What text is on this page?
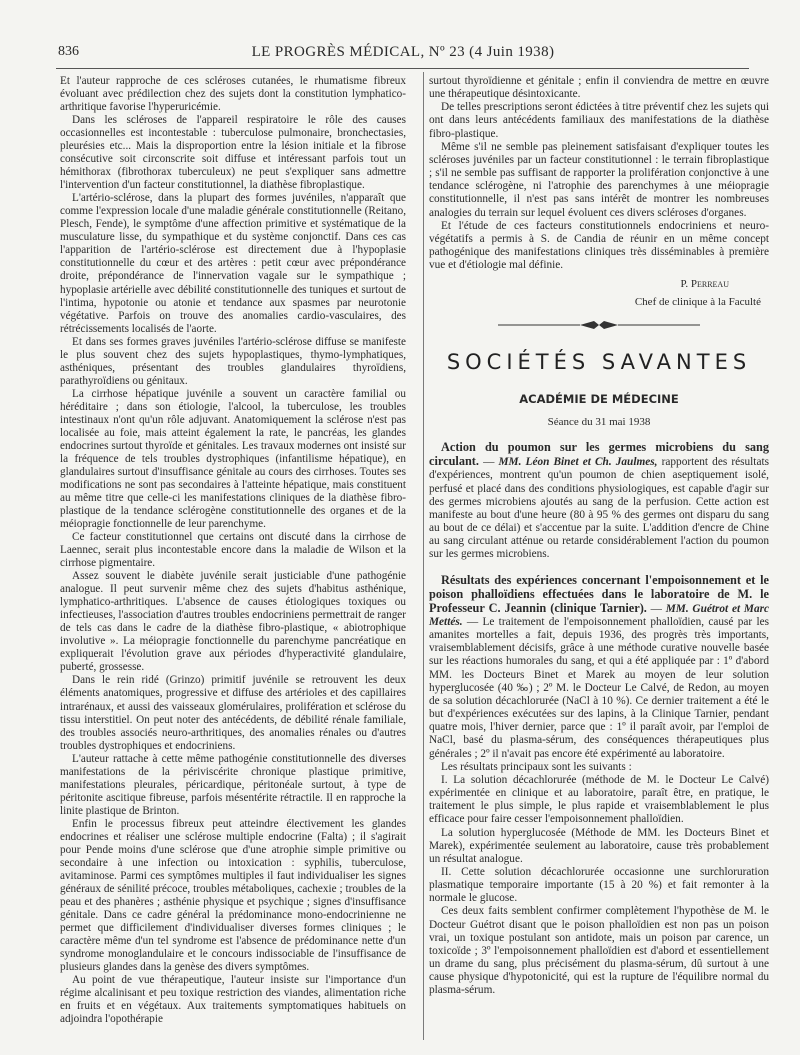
836	LE PROGRÈS MÉDICAL, Nº 23 (4 Juin 1938)

Et l'auteur rapproche de ces scléroses cutanées, le rhumatisme fibreux évoluant avec prédilection chez des sujets dont la constitution lymphatico-arthritique favorise l'hyperuricémie.

Dans les scléroses de l'appareil respiratoire le rôle des causes occasionnelles est incontestable : tuberculose pulmonaire, bronchectasies, pleurésies etc... Mais la disproportion entre la lésion initiale et la fibrose consécutive soit circonscrite soit diffuse et intéressant parfois tout un hémithorax (fibrothorax tuberculeux) ne peut s'expliquer sans admettre l'intervention d'un facteur constitutionnel, la diathèse fibroplastique.

L'artério-sclérose, dans la plupart des formes juvéniles, n'apparaît que comme l'expression locale d'une maladie générale constitutionnelle (Reitano, Plesch, Fende), le symptôme d'une affection primitive et systématique de la musculature lisse, du sympathique et du système conjonctif. Dans ces cas l'apparition de l'artério-sclérose est directement due à l'hypoplasie constitutionnelle du cœur et des artères : petit cœur avec prépondérance droite, prépondérance de l'innervation vagale sur le sympathique ; hypoplasie artérielle avec débilité constitutionnelle des tuniques et surtout de l'intima, hypotonie ou atonie et tendance aux spasmes par neurotonie végétative. Parfois on trouve des anomalies cardio-vasculaires, des rétrécissements localisés de l'aorte.

Et dans ses formes graves juvéniles l'artério-sclérose diffuse se manifeste le plus souvent chez des sujets hypoplastiques, thymo-lymphatiques, asthéniques, présentant des troubles glandulaires thyroïdiens, parathyroïdiens ou génitaux.

La cirrhose hépatique juvénile a souvent un caractère familial ou héréditaire ; dans son étiologie, l'alcool, la tuberculose, les troubles intestinaux n'ont qu'un rôle adjuvant. Anatomiquement la sclérose n'est pas localisée au foie, mais atteint également la rate, le pancréas, les glandes endocrines surtout thyroïde et génitales. Les travaux modernes ont insisté sur la fréquence de tels troubles dystrophiques (infantilisme hépatique), en glandulaires surtout d'insuffisance génitale au cours des cirrhoses. Toutes ses modifications ne sont pas secondaires à l'atteinte hépatique, mais constituent au même titre que celle-ci les manifestations cliniques de la diathèse fibro-plastique de la tendance sclérogène constitutionnelle des organes et de la méiopragie fonctionnelle de leur parenchyme.

Ce facteur constitutionnel que certains ont discuté dans la cirrhose de Laennec, serait plus incontestable encore dans la maladie de Wilson et la cirrhose pigmentaire.

Assez souvent le diabète juvénile serait justiciable d'une pathogénie analogue. Il peut survenir même chez des sujets d'habitus asthénique, lymphatico-arthritiques. L'absence de causes étiologiques toxiques ou infectieuses, l'association d'autres troubles endocriniens permettrait de ranger de tels cas dans le cadre de la diathèse fibro-plastique, « abiotrophique involutive ». La méiopragie fonctionnelle du parenchyme pancréatique en expliquerait l'évolution grave aux périodes d'hyperactivité glandulaire, puberté, grossesse.

Dans le rein ridé (Grinzo) primitif juvénile se retrouvent les deux éléments anatomiques, progressive et diffuse des artérioles et des capillaires intrarénaux, et aussi des vaisseaux glomérulaires, prolifération et sclérose du tissu interstitiel. On peut noter des antécédents, de débilité rénale familiale, des troubles associés neuro-arthritiques, des anomalies rénales ou d'autres troubles dystrophiques et endocriniens.

L'auteur rattache à cette même pathogénie constitutionnelle des diverses manifestations de la périviscérite chronique plastique primitive, manifestations pleurales, péricardique, péritonéale surtout, à type de péritonite ascitique fibreuse, parfois mésentérite rétractile. Il en rapproche la linite plastique de Brinton.

Enfin le processus fibreux peut atteindre électivement les glandes endocrines et réaliser une sclérose multiple endocrine (Falta) ; il s'agirait pour Pende moins d'une sclérose que d'une atrophie simple primitive ou secondaire à une infection ou intoxication : syphilis, tuberculose, avitaminose. Parmi ces symptômes multiples il faut individualiser les signes généraux de sénilité précoce, troubles métaboliques, cachexie ; troubles de la peau et des phanères ; asthénie physique et psychique ; signes d'insuffisance génitale. Dans ce cadre général la prédominance mono-endocrinienne ne permet que difficilement d'individualiser diverses formes cliniques ; le caractère même d'un tel syndrome est l'absence de prédominance nette d'un syndrome monoglandulaire et le concours indissociable de l'insuffisance de plusieurs glandes dans la genèse des divers symptômes.

Au point de vue thérapeutique, l'auteur insiste sur l'importance d'un régime alcalinisant et peu toxique restriction des viandes, alimentation riche en fruits et en végétaux. Aux traitements symptomatiques habituels on adjoindra l'opothérapie

surtout thyroïdienne et génitale ; enfin il conviendra de mettre en œuvre une thérapeutique désintoxicante.

De telles prescriptions seront édictées à titre préventif chez les sujets qui ont dans leurs antécédents familiaux des manifestations de la diathèse fibro-plastique.

Même s'il ne semble pas pleinement satisfaisant d'expliquer toutes les scléroses juvéniles par un facteur constitutionnel : le terrain fibroplastique ; s'il ne semble pas suffisant de rapporter la prolifération conjonctive à une tendance sclérogène, ni l'atrophie des parenchymes à une méiopragie constitutionnelle, il n'est pas sans intérêt de montrer les nombreuses analogies du terrain sur lequel évoluent ces divers scléroses d'organes.

Et l'étude de ces facteurs constitutionnels endocriniens et neuro-végétatifs a permis à S. de Candia de réunir en un même concept pathogénique des manifestations cliniques très disséminables à première vue et d'étiologie mal définie.

P. Perreau
Chef de clinique à la Faculté
SOCIÉTÉS SAVANTES
ACADÉMIE DE MÉDECINE
Séance du 31 mai 1938

Action du poumon sur les germes microbiens du sang circulant. — MM. Léon Binet et Ch. Jaulmes, rapportent des résultats d'expériences, montrent qu'un poumon de chien aseptiquement isolé, perfusé et placé dans des conditions physiologiques, est capable d'agir sur des germes microbiens ajoutés au sang de la perfusion. Cette action est manifeste au bout d'une heure (80 à 95 % des germes ont disparu du sang au bout de ce délai) et s'accentue par la suite. L'addition d'encre de Chine au sang circulant atténue ou retarde considérablement l'action du poumon sur les germes microbiens.

Résultats des expériences concernant l'empoisonnement et le poison phalloïdiens effectuées dans le laboratoire de M. le Professeur C. Jeannin (clinique Tarnier). — MM. Guétrot et Marc Mettés. — Le traitement de l'empoisonnement phalloïdien, causé par les amanites mortelles a fait, depuis 1936, des progrès très importants, vraisemblablement décisifs, grâce à une méthode curative nouvelle basée sur les réactions humorales du sang, et qui a été appliquée par : 1º d'abord MM. les Docteurs Binet et Marek au moyen de leur solution hyperglucosée (40 ‰) ; 2º M. le Docteur Le Calvé, de Redon, au moyen de sa solution décachlorurée (NaCl à 10 %). Ce dernier traitement a été le but d'expériences exécutées sur des lapins, à la Clinique Tarnier, pendant quatre mois, l'hiver dernier, parce que : 1º il paraît avoir, par l'emploi de NaCl, basé du plasma-sérum, des conséquences thérapeutiques plus générales ; 2º il n'avait pas encore été expérimenté au laboratoire.

Les résultats principaux sont les suivants :

I. La solution décachlorurée (méthode de M. le Docteur Le Calvé) expérimentée en clinique et au laboratoire, paraît être, en pratique, le traitement le plus simple, le plus rapide et vraisemblablement le plus efficace pour faire cesser l'empoisonnement phalloïdien.

La solution hyperglucosée (Méthode de MM. les Docteurs Binet et Marek), expérimentée seulement au laboratoire, cause très probablement un résultat analogue.

II. Cette solution décachlorurée occasionne une surchloruration plasmatique temporaire importante (15 à 20 %) et fait remonter à la normale le glucose.

Ces deux faits semblent confirmer complètement l'hypothèse de M. le Docteur Guétrot disant que le poison phalloïdien est non pas un poison vrai, un toxique postulant son antidote, mais un poison par carence, un toxicoïde ; 3º l'empoisonnement phalloïdien est d'abord et essentiellement un drame du sang, plus précisément du plasma-sérum, dû surtout à une cause physique d'hypotonicité, qui est la rupture de l'équilibre normal du plasma-sérum.
